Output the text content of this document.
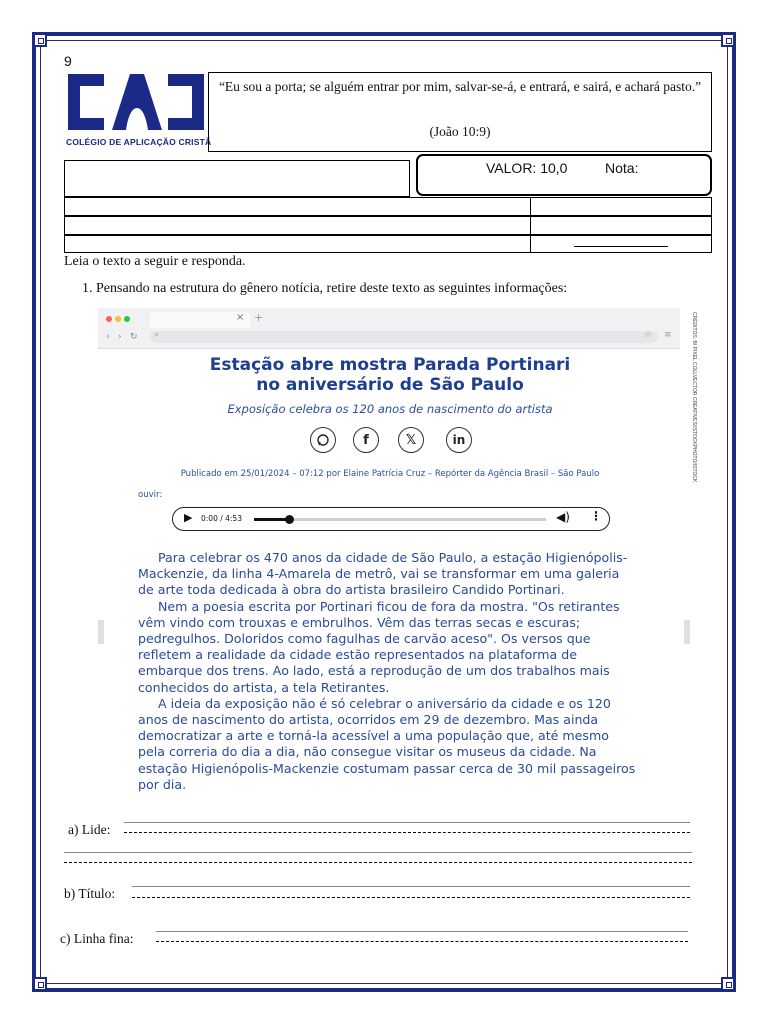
9
COLÉGIO DE APLICAÇÃO CRISTÃ
“Eu sou a porta; se alguém entrar por mim, salvar-se-á, e entrará, e sairá, e achará pasto.”
(João 10:9)
VALOR: 10,0	Nota:
Leia o texto a seguir e responda.
1. Pensando na estrutura do gênero notícia, retire deste texto as seguintes informações:
× +
‹ › ↻ ⌕	☆ ≡	CRÉDITOS: BI PIXEL COLLVECTOR CREATIVES/ISTOCKPHOTO/ISTOCK
Estação abre mostra Parada Portinari
no aniversário de São Paulo
Exposição celebra os 120 anos de nascimento do artista
f	𝕏	in
Publicado em 25/01/2024 – 07:12 por Elaine Patrícia Cruz – Repórter da Agência Brasil – São Paulo
ouvir:
▶ 0:00 / 4:53	◀) ⋮

Para celebrar os 470 anos da cidade de São Paulo, a estação Higienópolis-Mackenzie, da linha 4-Amarela de metrô, vai se transformar em uma galeria de arte toda dedicada à obra do artista brasileiro Candido Portinari.

Nem a poesia escrita por Portinari ficou de fora da mostra. "Os retirantes vêm vindo com trouxas e embrulhos. Vêm das terras secas e escuras; pedregulhos. Doloridos como fagulhas de carvão aceso". Os versos que refletem a realidade da cidade estão representados na plataforma de embarque dos trens. Ao lado, está a reprodução de um dos trabalhos mais conhecidos do artista, a tela Retirantes.

A ideia da exposição não é só celebrar o aniversário da cidade e os 120 anos de nascimento do artista, ocorridos em 29 de dezembro. Mas ainda democratizar a arte e torná-la acessível a uma população que, até mesmo pela correria do dia a dia, não consegue visitar os museus da cidade. Na estação Higienópolis-Mackenzie costumam passar cerca de 30 mil passageiros por dia.

a) Lide:
b) Título:
c) Linha fina:
